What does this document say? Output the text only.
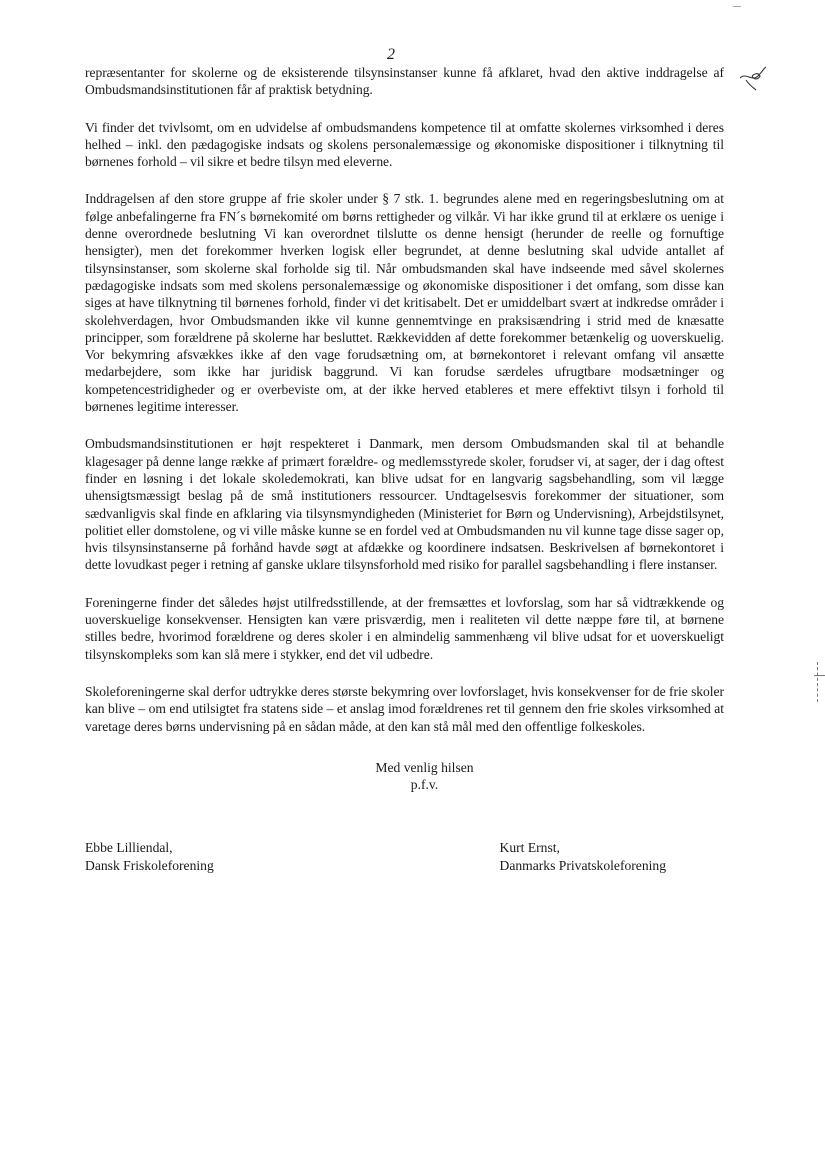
2

repræsentanter for skolerne og de eksisterende tilsynsinstanser kunne få afklaret, hvad den aktive inddragelse af Ombudsmandsinstitutionen får af praktisk betydning.

Vi finder det tvivlsomt, om en udvidelse af ombudsmandens kompetence til at omfatte skolernes virksomhed i deres helhed – inkl. den pædagogiske indsats og skolens personalemæssige og økonomiske dispositioner i tilknytning til børnenes forhold – vil sikre et bedre tilsyn med eleverne.

Inddragelsen af den store gruppe af frie skoler under § 7 stk. 1. begrundes alene med en regeringsbeslutning om at følge anbefalingerne fra FN´s børnekomité om børns rettigheder og vilkår. Vi har ikke grund til at erklære os uenige i denne overordnede beslutning Vi kan overordnet tilslutte os denne hensigt (herunder de reelle og fornuftige hensigter), men det forekommer hverken logisk eller begrundet, at denne beslutning skal udvide antallet af tilsynsinstanser, som skolerne skal forholde sig til. Når ombudsmanden skal have indseende med såvel skolernes pædagogiske indsats som med skolens personalemæssige og økonomiske dispositioner i det omfang, som disse kan siges at have tilknytning til børnenes forhold, finder vi det kritisabelt. Det er umiddelbart svært at indkredse områder i skolehverdagen, hvor Ombudsmanden ikke vil kunne gennemtvinge en praksisændring i strid med de knæsatte principper, som forældrene på skolerne har besluttet. Rækkevidden af dette forekommer betænkelig og uoverskuelig. Vor bekymring afsvækkes ikke af den vage forudsætning om, at børnekontoret i relevant omfang vil ansætte medarbejdere, som ikke har juridisk baggrund. Vi kan forudse særdeles ufrugtbare modsætninger og kompetencestridigheder og er overbeviste om, at der ikke herved etableres et mere effektivt tilsyn i forhold til børnenes legitime interesser.

Ombudsmandsinstitutionen er højt respekteret i Danmark, men dersom Ombudsmanden skal til at behandle klagesager på denne lange række af primært forældre- og medlemsstyrede skoler, forudser vi, at sager, der i dag oftest finder en løsning i det lokale skoledemokrati, kan blive udsat for en langvarig sagsbehandling, som vil lægge uhensigtsmæssigt beslag på de små institutioners ressourcer. Undtagelsesvis forekommer der situationer, som sædvanligvis skal finde en afklaring via tilsynsmyndigheden (Ministeriet for Børn og Undervisning), Arbejdstilsynet, politiet eller domstolene, og vi ville måske kunne se en fordel ved at Ombudsmanden nu vil kunne tage disse sager op, hvis tilsynsinstanserne på forhånd havde søgt at afdække og koordinere indsatsen. Beskrivelsen af børnekontoret i dette lovudkast peger i retning af ganske uklare tilsynsforhold med risiko for parallel sagsbehandling i flere instanser.

Foreningerne finder det således højst utilfredsstillende, at der fremsættes et lovforslag, som har så vidtrækkende og uoverskuelige konsekvenser. Hensigten kan være prisværdig, men i realiteten vil dette næppe føre til, at børnene stilles bedre, hvorimod forældrene og deres skoler i en almindelig sammenhæng vil blive udsat for et uoverskueligt tilsynskompleks som kan slå mere i stykker, end det vil udbedre.

Skoleforeningerne skal derfor udtrykke deres største bekymring over lovforslaget, hvis konsekvenser for de frie skoler kan blive – om end utilsigtet fra statens side – et anslag imod forældrenes ret til gennem den frie skoles virksomhed at varetage deres børns undervisning på en sådan måde, at den kan stå mål med den offentlige folkeskoles.

Med venlig hilsen
p.f.v.
Ebbe Lilliendal,
Dansk Friskoleforening
Kurt Ernst,
Danmarks Privatskoleforening
